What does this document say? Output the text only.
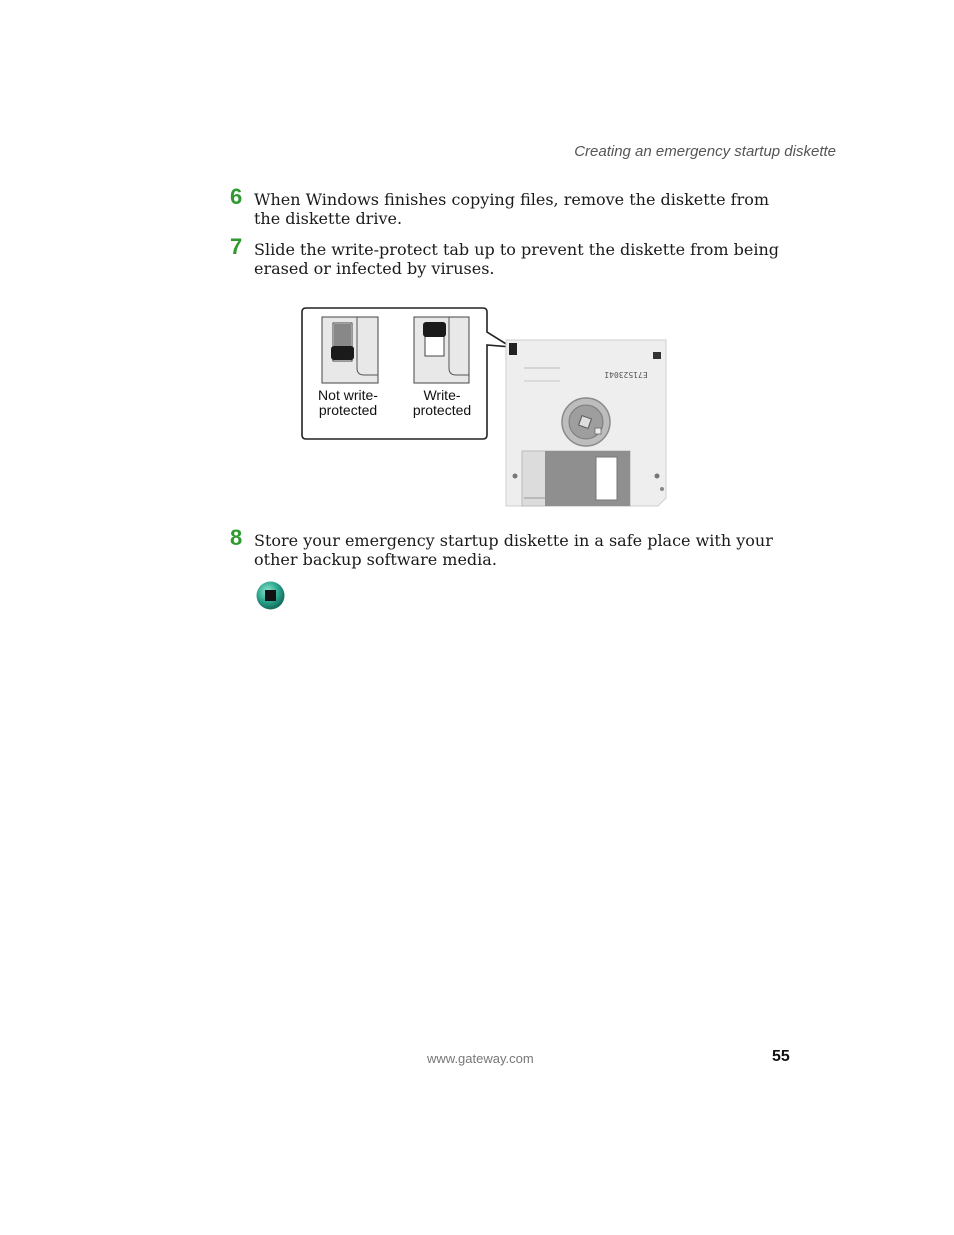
Creating an emergency startup diskette
6 When Windows finishes copying files, remove the diskette from the diskette drive.
7 Slide the write-protect tab up to prevent the diskette from being erased or infected by viruses.
E7152304I
Not write-
protected
Write-
protected
8 Store your emergency startup diskette in a safe place with your other backup software media.
www.gateway.com	55
